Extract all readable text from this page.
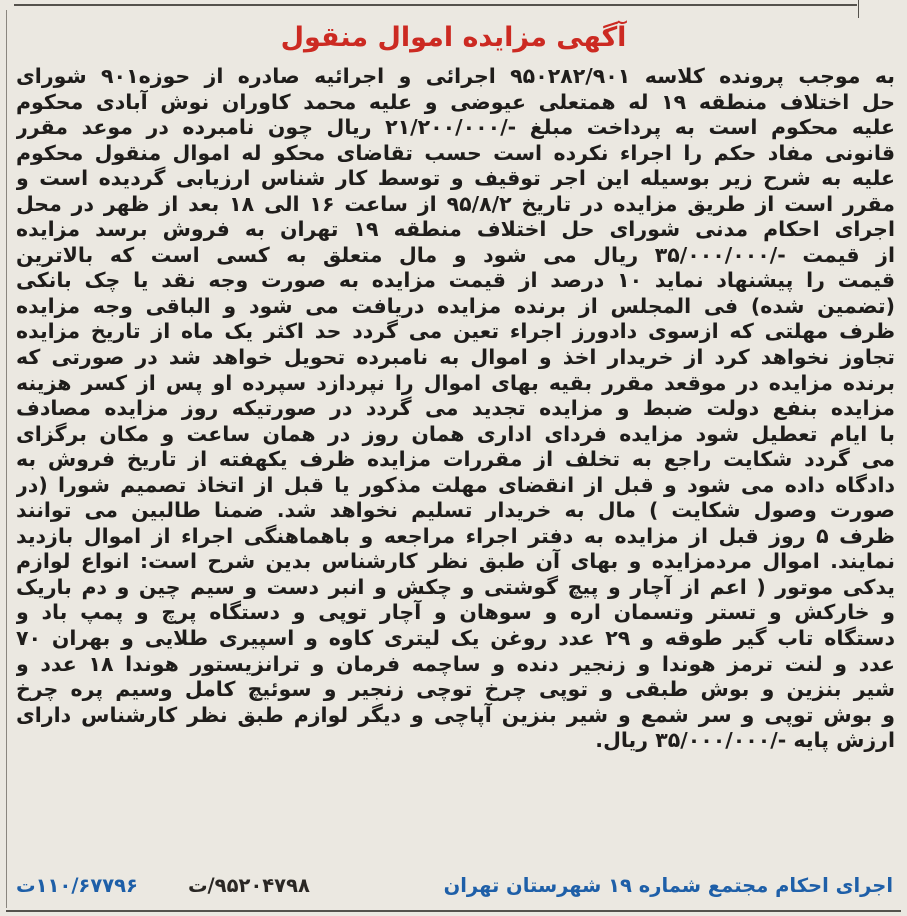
آگهی مزایده اموال منقول
به موجب پرونده کلاسه ۹۵۰۲۸۲/۹۰۱ اجرائی و اجرائیه صادره از حوزه۹۰۱ شورای
حل اختلاف منطقه ۱۹ له همتعلی عیوضی و علیه محمد کاوران نوش آبادی محکوم
علیه محکوم است به پرداخت مبلغ -/۲۱/۲۰۰/۰۰۰ ریال چون نامبرده در موعد مقرر
قانونی مفاد حکم را اجراء نکرده است حسب تقاضای محکو له اموال منقول محکوم
علیه به شرح زیر بوسیله این اجر توقیف و توسط کار شناس ارزیابی گردیده است و
مقرر است از طریق مزایده در تاریخ ۹۵/۸/۲ از ساعت ۱۶ الی ۱۸ بعد از ظهر در محل
اجرای احکام مدنی شورای حل اختلاف منطقه ۱۹ تهران به فروش برسد مزایده
از قیمت -/۳۵/۰۰۰/۰۰۰ ریال می شود و مال متعلق به کسی است که بالاترین
قیمت را پیشنهاد نماید ۱۰ درصد از قیمت مزایده به صورت وجه نقد یا چک بانکی
(تضمین شده) فی المجلس از برنده مزایده دریافت می شود و الباقی وجه مزایده
ظرف مهلتی که ازسوی دادورز اجراء تعین می گردد حد اکثر یک ماه از تاریخ مزایده
تجاوز نخواهد کرد از خریدار اخذ و اموال به نامبرده تحویل خواهد شد در صورتی که
برنده مزایده در موقعد مقرر بقیه بهای اموال را نپردازد سپرده او پس از کسر هزینه
مزایده بنفع دولت ضبط و مزایده تجدید می گردد در صورتیکه روز مزایده مصادف
با ایام تعطیل شود مزایده فردای اداری همان روز در همان ساعت و مکان برگزای
می گردد شکایت راجع به تخلف از مقررات مزایده ظرف یکهفته از تاریخ فروش به
دادگاه داده می شود و قبل از انقضای مهلت مذکور یا قبل از اتخاذ تصمیم شورا (در
صورت وصول شکایت ) مال به خریدار تسلیم نخواهد شد. ضمنا طالبین می توانند
ظرف ۵ روز قبل از مزایده به دفتر اجراء مراجعه و باهماهنگی اجراء از اموال بازدید
نمایند. اموال مردمزایده و بهای آن طبق نظر کارشناس بدین شرح است: انواع لوازم
یدکی موتور ( اعم از آچار و پیچ گوشتی و چکش و انبر دست و سیم چین و دم باریک
و خارکش و تستر وتسمان اره و سوهان و آچار توپی و دستگاه پرچ و پمپ باد و
دستگاه تاب گیر طوقه و ۲۹ عدد روغن یک لیتری کاوه و اسپیری طلایی و بهران ۷۰
عدد و لنت ترمز هوندا و زنجیر دنده و ساچمه فرمان و ترانزیستور هوندا ۱۸ عدد و
شیر بنزین و بوش طبقی و توپی چرخ توچی زنجیر و سوئیچ کامل وسیم پره چرخ
و بوش توپی و سر شمع و شیر بنزین آپاچی و دیگر لوازم طبق نظر کارشناس دارای
ارزش پایه -/۳۵/۰۰۰/۰۰۰ ریال.
اجرای احکام مجتمع شماره ۱۹ شهرستان تهران
۹۵۲۰۴۷۹۸/ت
۱۱۰/۶۷۷۹۶ت
